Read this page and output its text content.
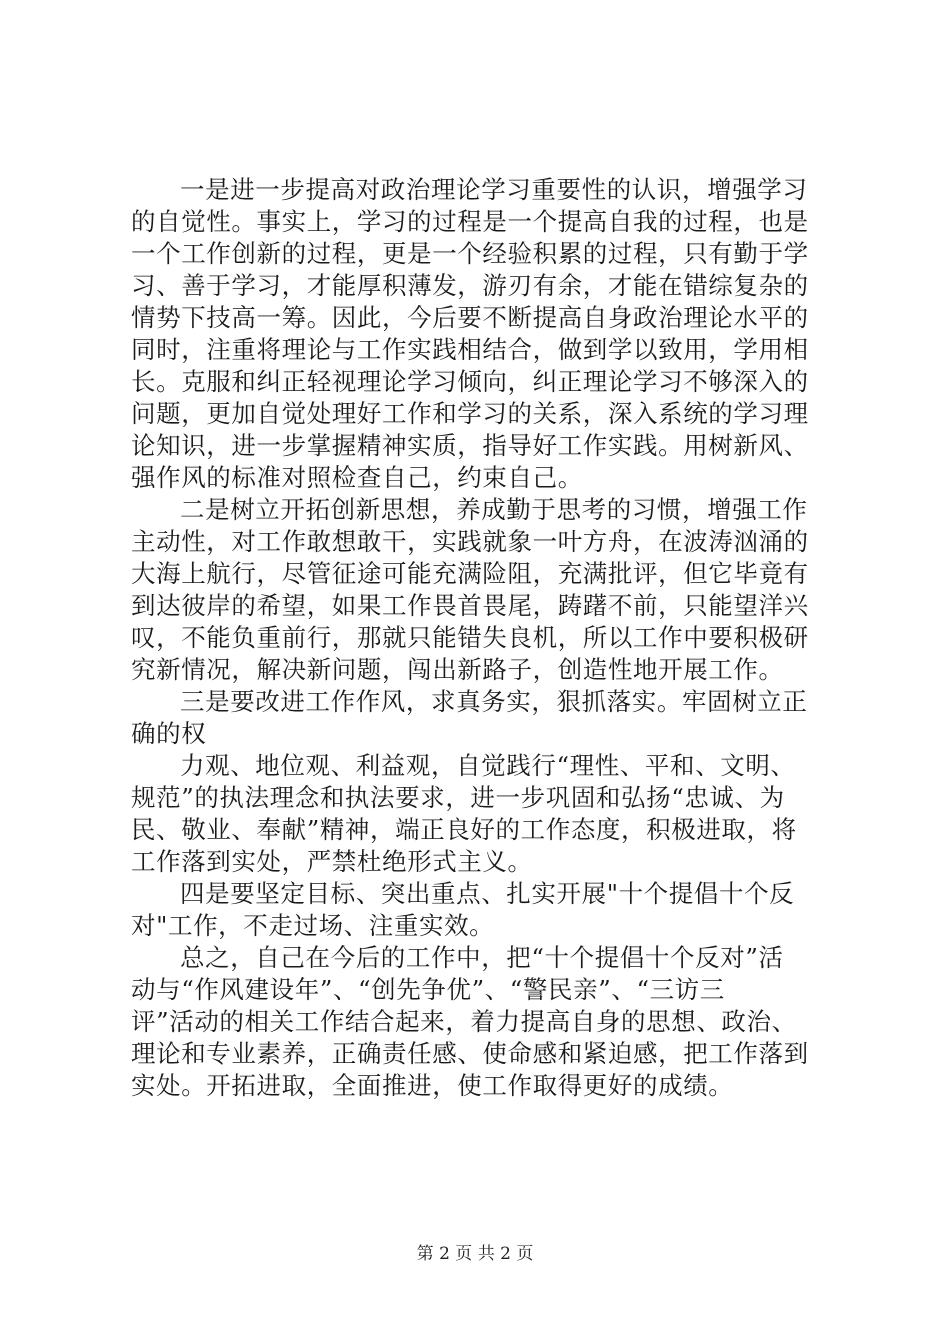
一是进一步提高对政治理论学习重要性的认识，增强学习
的自觉性。事实上，学习的过程是一个提高自我的过程，也是
一个工作创新的过程，更是一个经验积累的过程，只有勤于学
习、善于学习，才能厚积薄发，游刃有余，才能在错综复杂的
情势下技高一筹。因此，今后要不断提高自身政治理论水平的
同时，注重将理论与工作实践相结合，做到学以致用，学用相
长。克服和纠正轻视理论学习倾向，纠正理论学习不够深入的
问题，更加自觉处理好工作和学习的关系，深入系统的学习理
论知识，进一步掌握精神实质，指导好工作实践。用树新风、
强作风的标准对照检查自己，约束自己。
二是树立开拓创新思想，养成勤于思考的习惯，增强工作
主动性，对工作敢想敢干，实践就象一叶方舟，在波涛汹涌的
大海上航行，尽管征途可能充满险阻，充满批评，但它毕竟有
到达彼岸的希望，如果工作畏首畏尾，踌躇不前，只能望洋兴
叹，不能负重前行，那就只能错失良机，所以工作中要积极研
究新情况，解决新问题，闯出新路子，创造性地开展工作。
三是要改进工作作风，求真务实，狠抓落实。牢固树立正
确的权
力观、地位观、利益观，自觉践行“理性、平和、文明、
规范”的执法理念和执法要求，进一步巩固和弘扬“忠诚、为
民、敬业、奉献”精神，端正良好的工作态度，积极进取，将
工作落到实处，严禁杜绝形式主义。
四是要坚定目标、突出重点、扎实开展"十个提倡十个反
对"工作，不走过场、注重实效。
总之，自己在今后的工作中，把“十个提倡十个反对”活
动与“作风建设年”、“创先争优”、“警民亲”、“三访三
评”活动的相关工作结合起来，着力提高自身的思想、政治、
理论和专业素养，正确责任感、使命感和紧迫感，把工作落到
实处。开拓进取，全面推进，使工作取得更好的成绩。
第 2 页 共 2 页
